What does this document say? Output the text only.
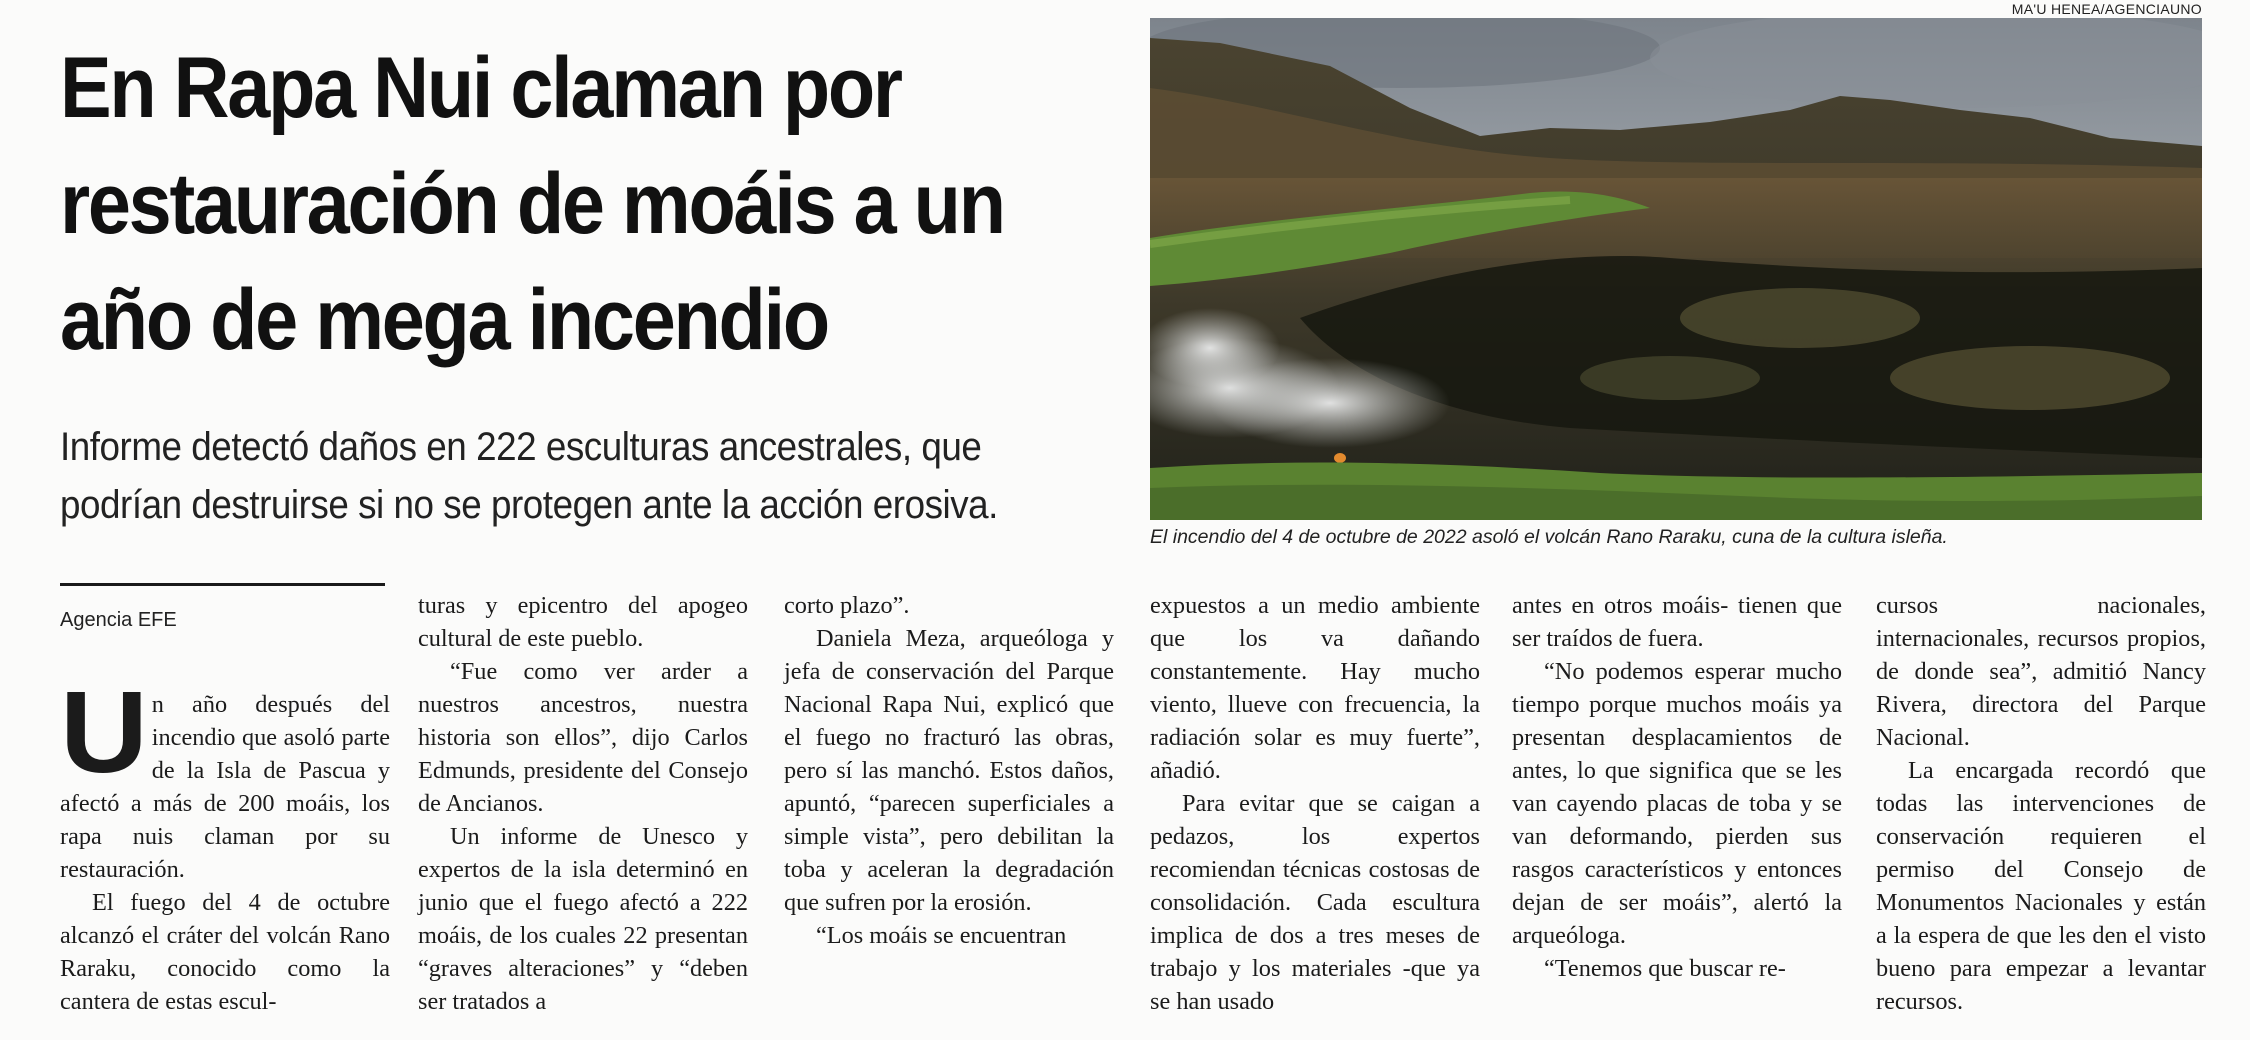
En Rapa Nui claman por restauración de moáis a un año de mega incendio

Informe detectó daños en 222 esculturas ancestrales, que podrían destruirse si no se protegen ante la acción erosiva.

MA'U HENEA/AGENCIAUNO
El incendio del 4 de octubre de 2022 asoló el volcán Rano Raraku, cuna de la cultura isleña.
Agencia EFE

Un año después del incendio que asoló parte de la Isla de Pascua y afectó a más de 200 moáis, los rapa nuis claman por su restauración.

El fuego del 4 de octubre alcanzó el cráter del volcán Rano Raraku, conocido como la cantera de estas escul-

turas y epicentro del apogeo cultural de este pueblo.

“Fue como ver arder a nuestros ancestros, nuestra historia son ellos”, dijo Carlos Edmunds, presidente del Consejo de Ancianos.

Un informe de Unesco y expertos de la isla determinó en junio que el fuego afectó a 222 moáis, de los cuales 22 presentan “graves alteraciones” y “deben ser tratados a

corto plazo”.

Daniela Meza, arqueóloga y jefa de conservación del Parque Nacional Rapa Nui, explicó que el fuego no fracturó las obras, pero sí las manchó. Estos daños, apuntó, “parecen superficiales a simple vista”, pero debilitan la toba y aceleran la degradación que sufren por la erosión.

“Los moáis se encuentran

expuestos a un medio ambiente que los va dañando constantemente. Hay mucho viento, llueve con frecuencia, la radiación solar es muy fuerte”, añadió.

Para evitar que se caigan a pedazos, los expertos recomiendan técnicas costosas de consolidación. Cada escultura implica de dos a tres meses de trabajo y los materiales -que ya se han usado

antes en otros moáis- tienen que ser traídos de fuera.

“No podemos esperar mucho tiempo porque muchos moáis ya presentan desplacamientos de antes, lo que significa que se les van cayendo placas de toba y se van deformando, pierden sus rasgos característicos y entonces dejan de ser moáis”, alertó la arqueóloga.

“Tenemos que buscar re-

cursos nacionales, internacionales, recursos propios, de donde sea”, admitió Nancy Rivera, directora del Parque Nacional.

La encargada recordó que todas las intervenciones de conservación requieren el permiso del Consejo de Monumentos Nacionales y están a la espera de que les den el visto bueno para empezar a levantar recursos.
